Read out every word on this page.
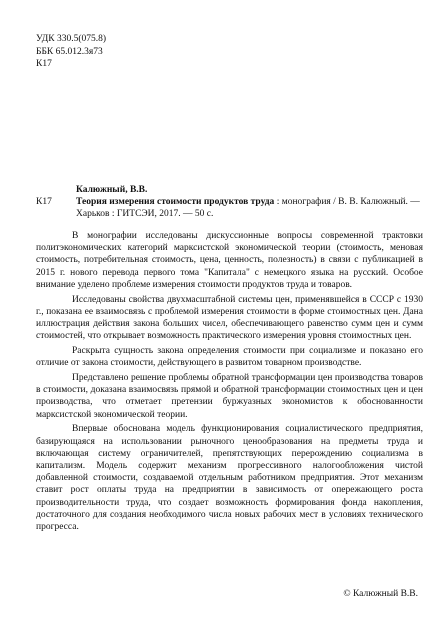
УДК 330.5(075.8)
ББК 65.012.3я73
К17
Калюжный, В.В.
К17	Теория измерения стоимости продуктов труда : монография / В. В. Калюжный. —
Харьков : ГИТСЭИ, 2017. — 50 с.

В монографии исследованы дискуссионные вопросы современной трактовки политэкономических категорий марксистской экономической теории (стоимость, меновая стоимость, потребительная стоимость, цена, ценность, полезность) в связи с публикацией в 2015 г. нового перевода первого тома "Капитала" с немецкого языка на русский. Особое внимание уделено проблеме измерения стоимости продуктов труда и товаров.

Исследованы свойства двухмасштабной системы цен, применявшейся в СССР с 1930 г., показана ее взаимосвязь с проблемой измерения стоимости в форме стоимостных цен. Дана иллюстрация действия закона больших чисел, обеспечивающего равенство сумм цен и сумм стоимостей, что открывает возможность практического измерения уровня стоимостных цен.

Раскрыта сущность закона определения стоимости при социализме и показано его отличие от закона стоимости, действующего в развитом товарном производстве.

Представлено решение проблемы обратной трансформации цен производства товаров в стоимости, доказана взаимосвязь прямой и обратной трансформации стоимостных цен и цен производства, что отметает претензии буржуазных экономистов к обоснованности марксистской экономической теории.

Впервые обоснована модель функционирования социалистического предприятия, базирующаяся на использовании рыночного ценообразования на предметы труда и включающая систему ограничителей, препятствующих перерождению социализма в капитализм. Модель содержит механизм прогрессивного налогообложения чистой добавленной стоимости, создаваемой отдельным работником предприятия. Этот механизм ставит рост оплаты труда на предприятии в зависимость от опережающего роста производительности труда, что создает возможность формирования фонда накопления, достаточного для создания необходимого числа новых рабочих мест в условиях технического прогресса.

© Калюжный В.В.
